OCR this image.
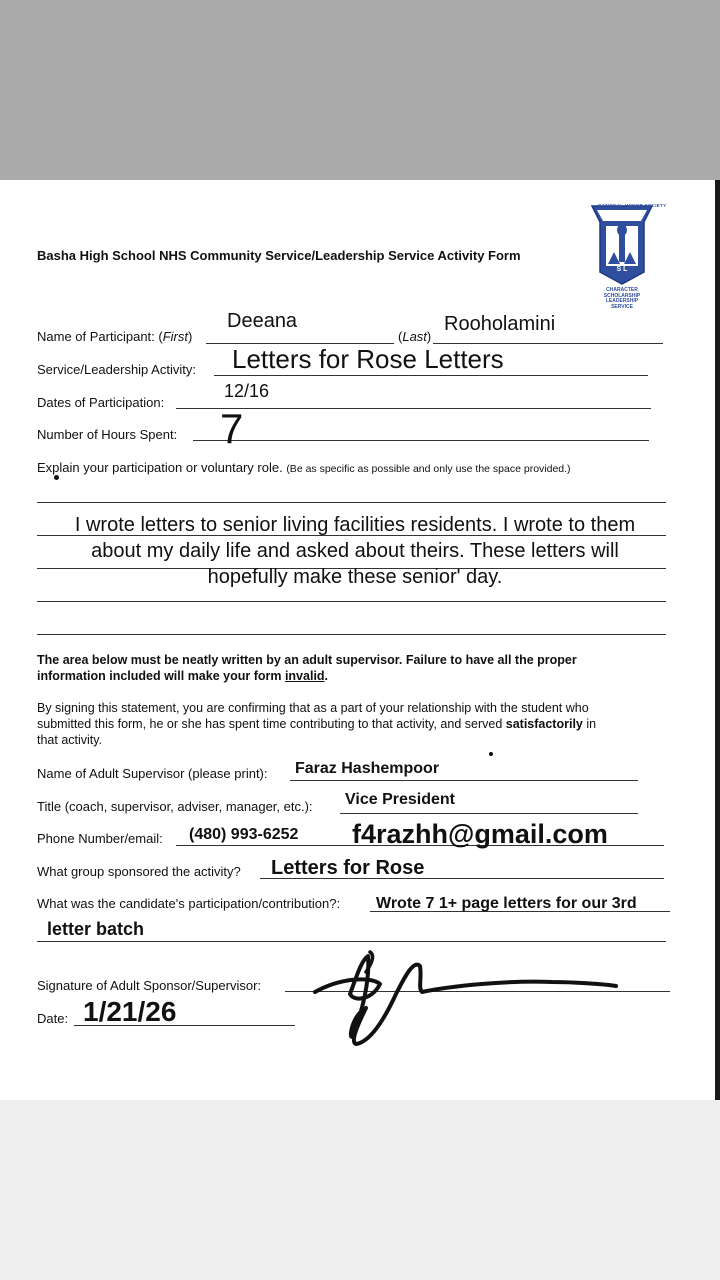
Basha High School NHS Community Service/Leadership Service Activity Form
S L
NATIONAL HONOR SOCIETY
CHARACTER
SCHOLARSHIP
LEADERSHIP
SERVICE
Name of Participant: (First)	(Last)
Deeana	Rooholamini
Service/Leadership Activity: Letters for Rose Letters
Dates of Participation:
12/16
Number of Hours Spent: 7
Explain your participation or voluntary role. (Be as specific as possible and only use the space provided.)
I wrote letters to senior living facilities residents. I wrote to them
about my daily life and asked about theirs. These letters will
hopefully make these senior' day.
The area below must be neatly written by an adult supervisor. Failure to have all the proper
information included will make your form invalid.
By signing this statement, you are confirming that as a part of your relationship with the student who
submitted this form, he or she has spent time contributing to that activity, and served satisfactorily in
that activity.
Name of Adult Supervisor (please print): Faraz Hashempoor
Title (coach, supervisor, adviser, manager, etc.): Vice President
Phone Number/email: (480) 993-6252 f4razhh@gmail.com
What group sponsored the activity? Letters for Rose
What was the candidate's participation/contribution?: Wrote 7 1+ page letters for our 3rd
letter batch
Signature of Adult Sponsor/Supervisor:
Date: 1/21/26
